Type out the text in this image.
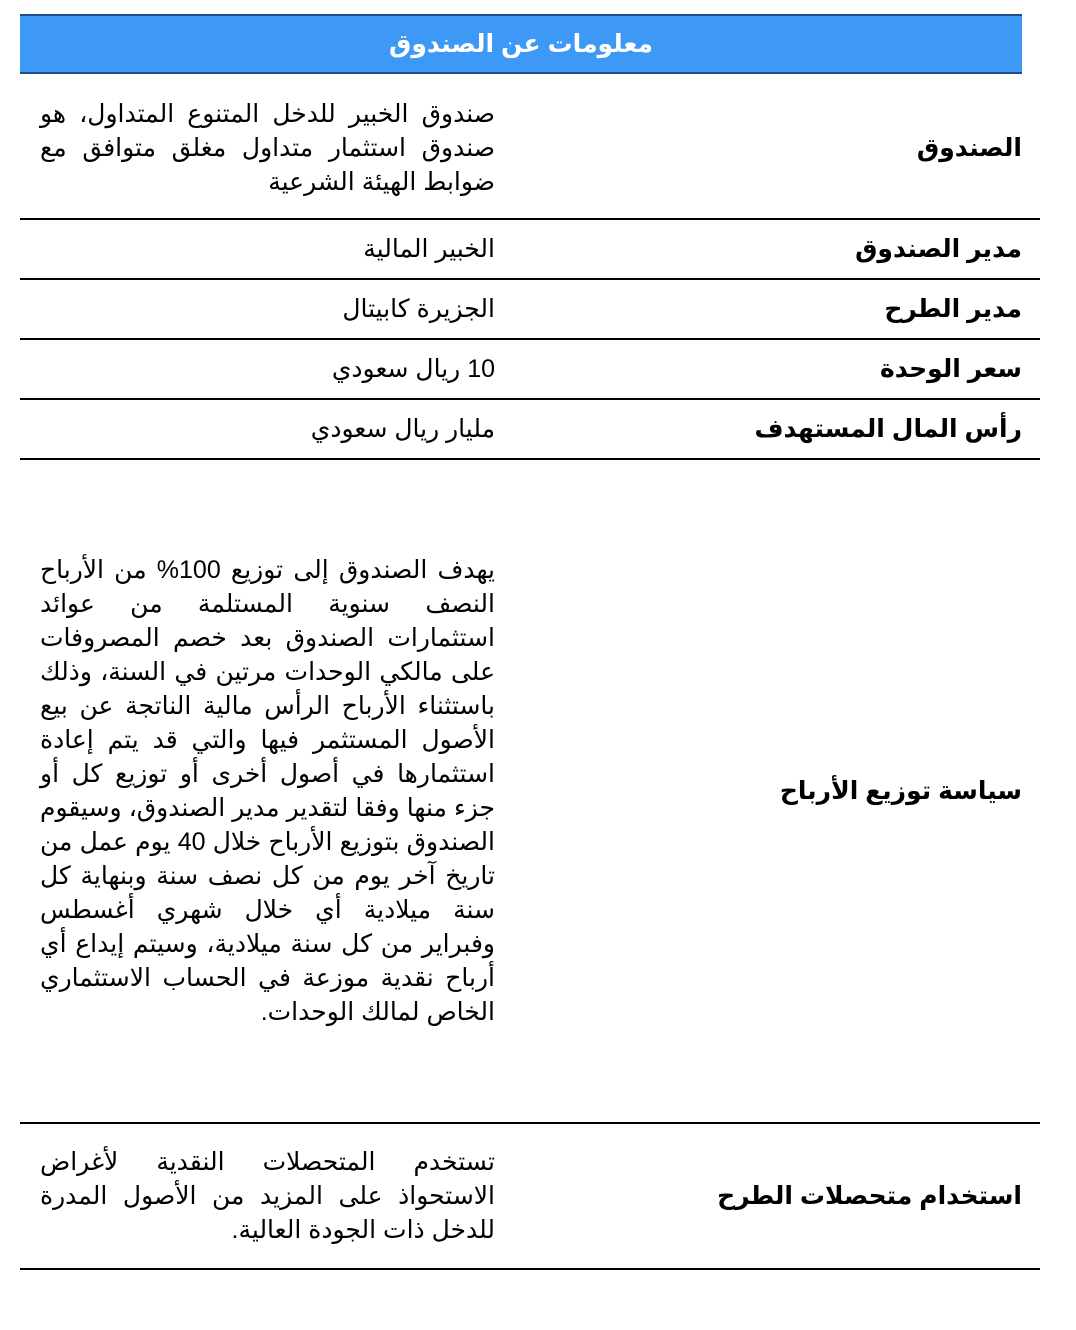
معلومات عن الصندوق
الصندوق	صندوق الخبير للدخل المتنوع المتداول، هو صندوق استثمار متداول مغلق متوافق مع ضوابط الهيئة الشرعية

مدير الصندوق	الخبير المالية

مدير الطرح	الجزيرة كابيتال

سعر الوحدة	10 ريال سعودي

رأس المال المستهدف	مليار ريال سعودي

سياسة توزيع الأرباح	يهدف الصندوق إلى توزيع 100% من الأرباح النصف سنوية المستلمة من عوائد استثمارات الصندوق بعد خصم المصروفات على مالكي الوحدات مرتين في السنة، وذلك باستثناء الأرباح الرأس مالية الناتجة عن بيع الأصول المستثمر فيها والتي قد يتم إعادة استثمارها في أصول أخرى أو توزيع كل أو جزء منها وفقا لتقدير مدير الصندوق، وسيقوم الصندوق بتوزيع الأرباح خلال 40 يوم عمل من تاريخ آخر يوم من كل نصف سنة وبنهاية كل سنة ميلادية أي خلال شهري أغسطس وفبراير من كل سنة ميلادية، وسيتم إيداع أي أرباح نقدية موزعة في الحساب الاستثماري الخاص لمالك الوحدات.

استخدام متحصلات الطرح	تستخدم المتحصلات النقدية لأغراض الاستحواذ على المزيد من الأصول المدرة للدخل ذات الجودة العالية.
